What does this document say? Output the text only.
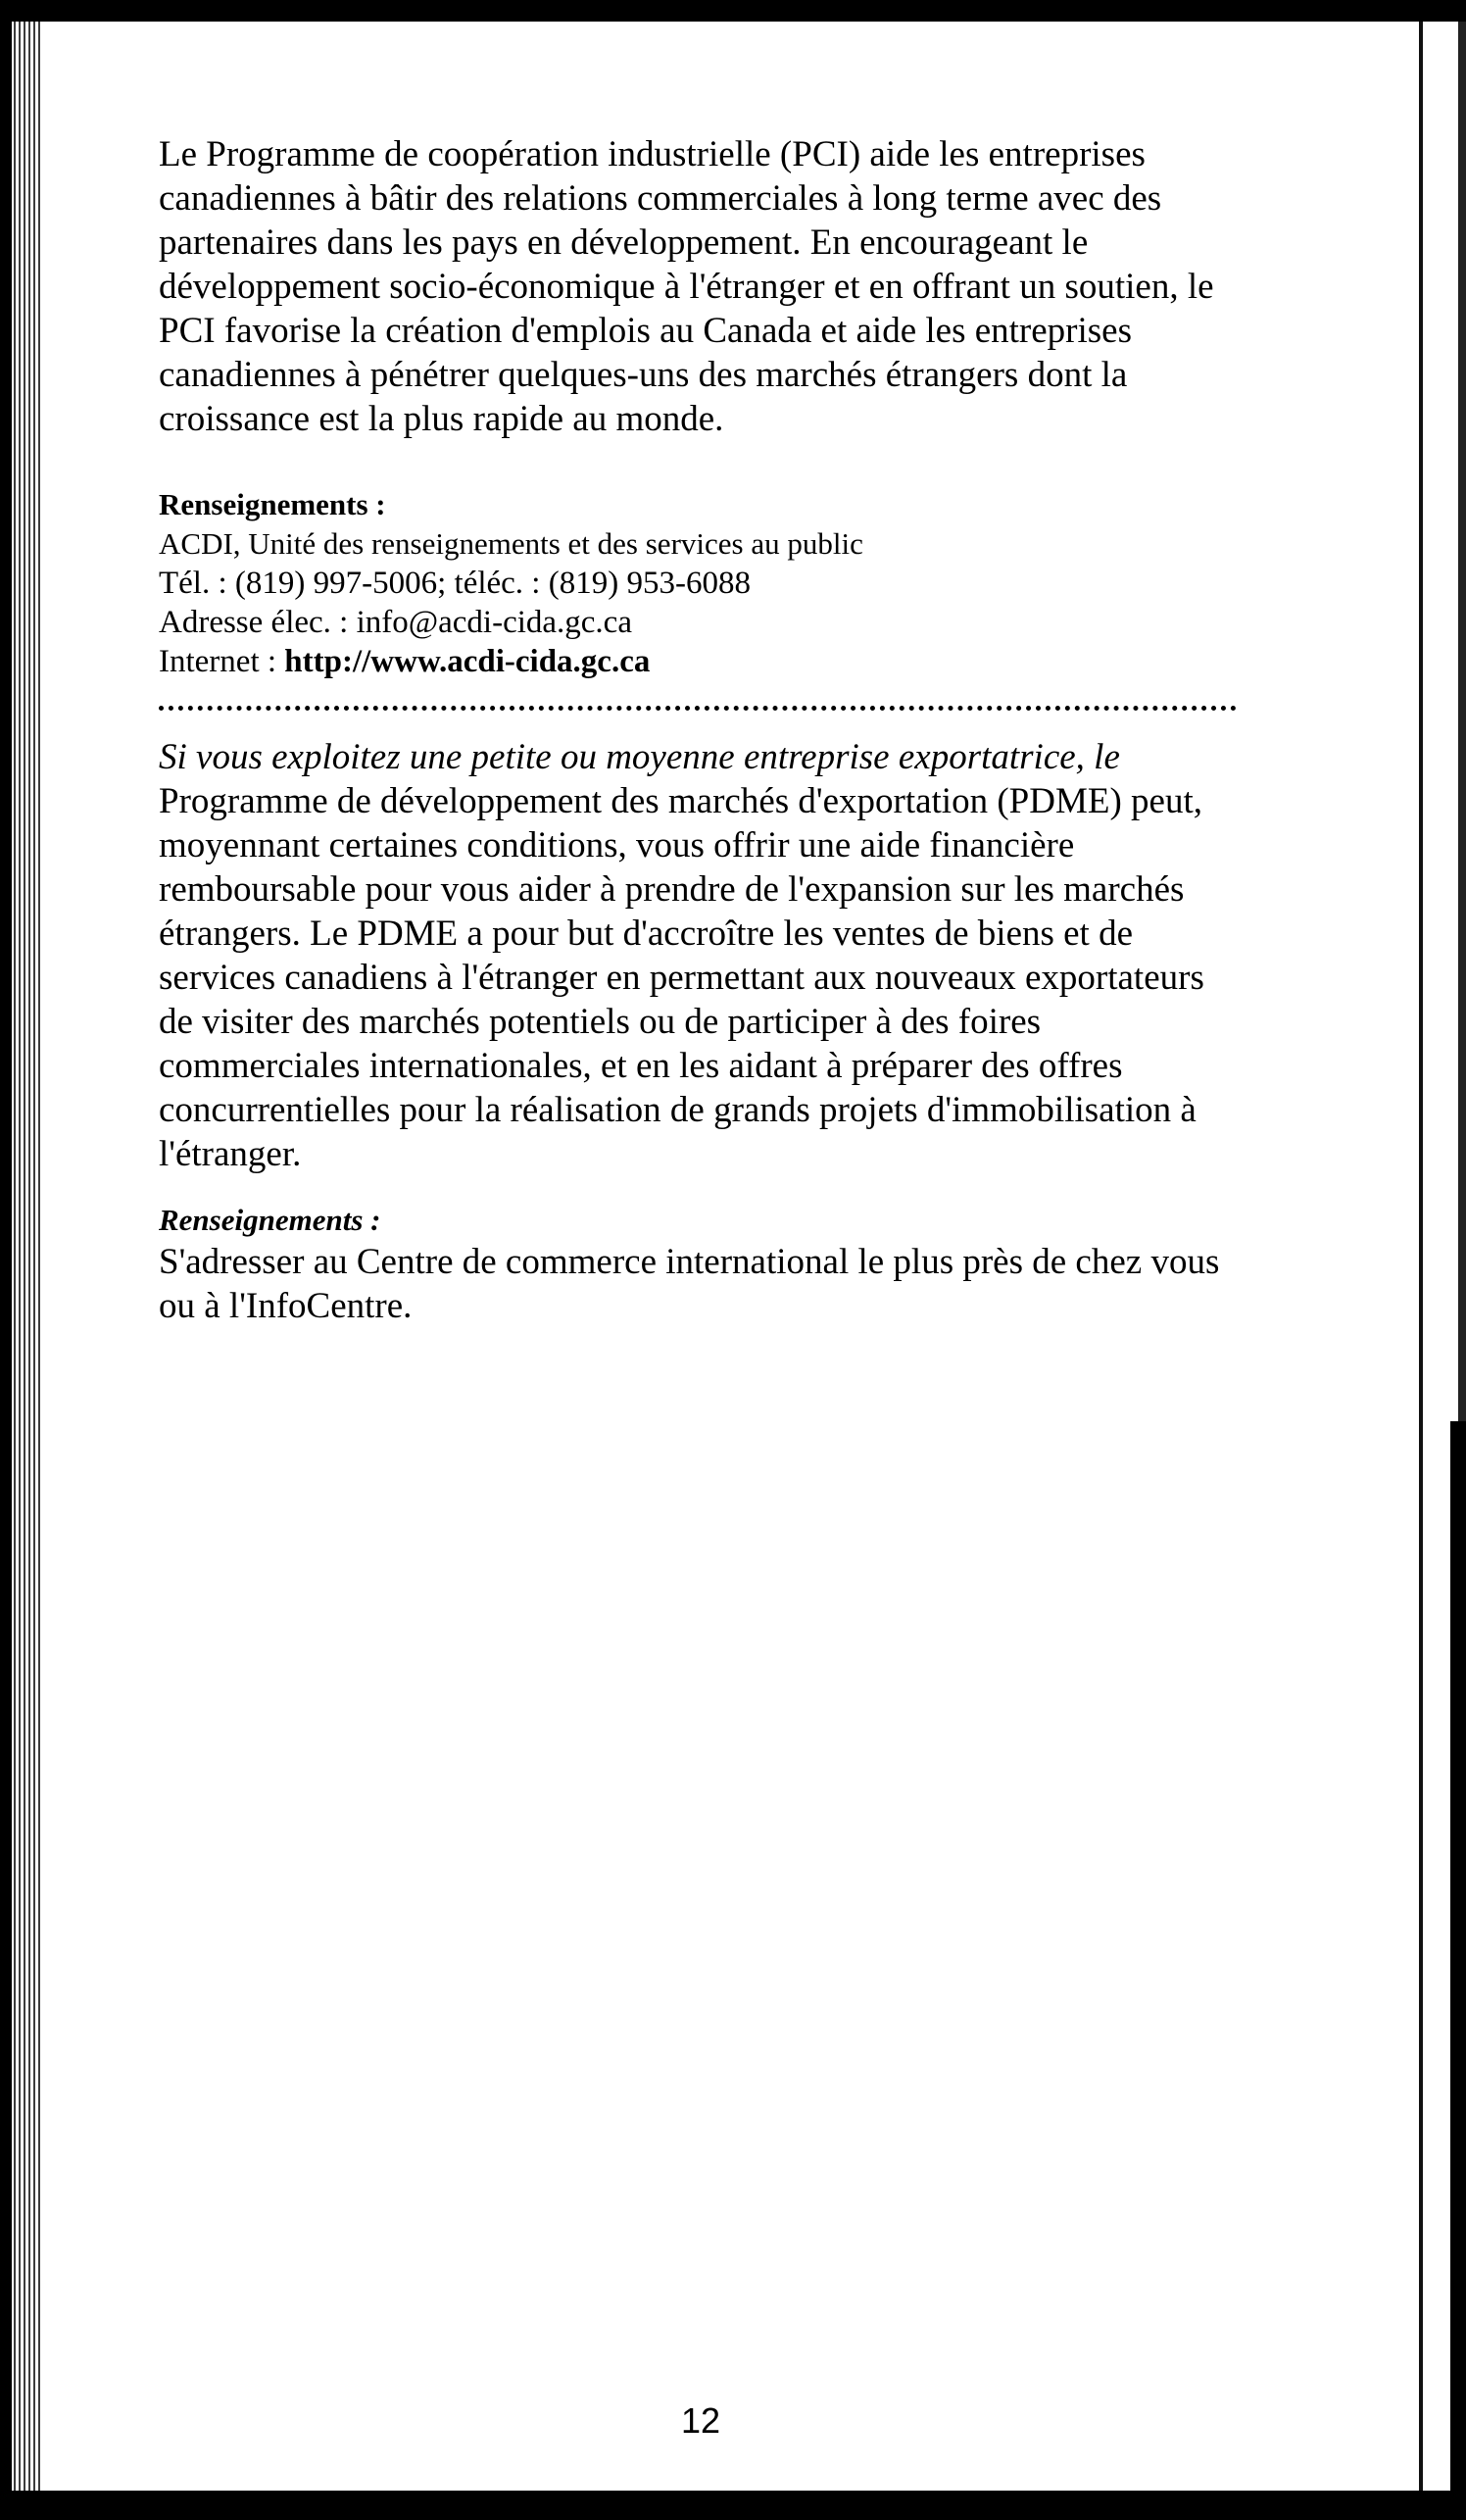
Le Programme de coopération industrielle (PCI) aide les entreprises

canadiennes à bâtir des relations commerciales à long terme avec des

partenaires dans les pays en développement. En encourageant le

développement socio-économique à l'étranger et en offrant un soutien, le

PCI favorise la création d'emplois au Canada et aide les entreprises

canadiennes à pénétrer quelques-uns des marchés étrangers dont la

croissance est la plus rapide au monde.

Renseignements :

ACDI, Unité des renseignements et des services au public

Tél. : (819) 997-5006; téléc. : (819) 953-6088

Adresse élec. : info@acdi-cida.gc.ca

Internet : http://www.acdi-cida.gc.ca

Si vous exploitez une petite ou moyenne entreprise exportatrice, le

Programme de développement des marchés d'exportation (PDME) peut,

moyennant certaines conditions, vous offrir une aide financière

remboursable pour vous aider à prendre de l'expansion sur les marchés

étrangers. Le PDME a pour but d'accroître les ventes de biens et de

services canadiens à l'étranger en permettant aux nouveaux exportateurs

de visiter des marchés potentiels ou de participer à des foires

commerciales internationales, et en les aidant à préparer des offres

concurrentielles pour la réalisation de grands projets d'immobilisation à

l'étranger.

Renseignements :

S'adresser au Centre de commerce international le plus près de chez vous

ou à l'InfoCentre.

12
